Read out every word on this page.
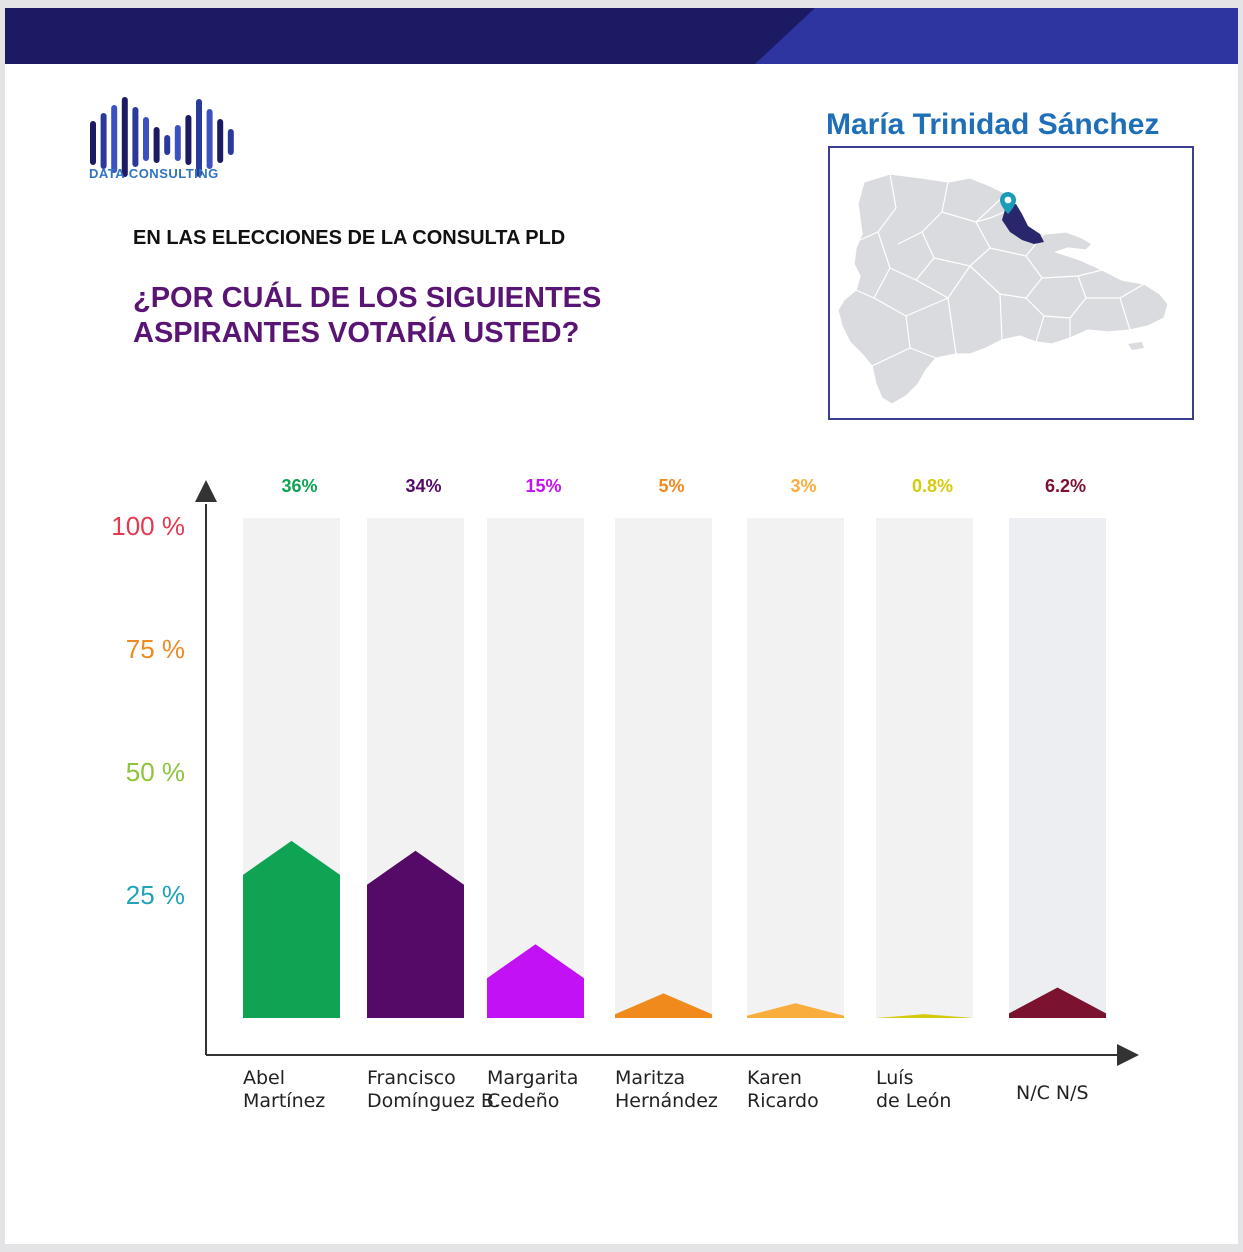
DATA CONSULTING
EN LAS ELECCIONES DE LA CONSULTA PLD
¿POR CUÁL DE LOS SIGUIENTES ASPIRANTES VOTARÍA USTED?
María Trinidad Sánchez
36%
Abel Martínez
34%
Francisco Domínguez B.
15%
Margarita Cedeño
5%
Maritza Hernández
3%
Karen Ricardo
0.8%
Luís de León
6.2%
N/C N/S
100 %
75 %
50 %
25 %
